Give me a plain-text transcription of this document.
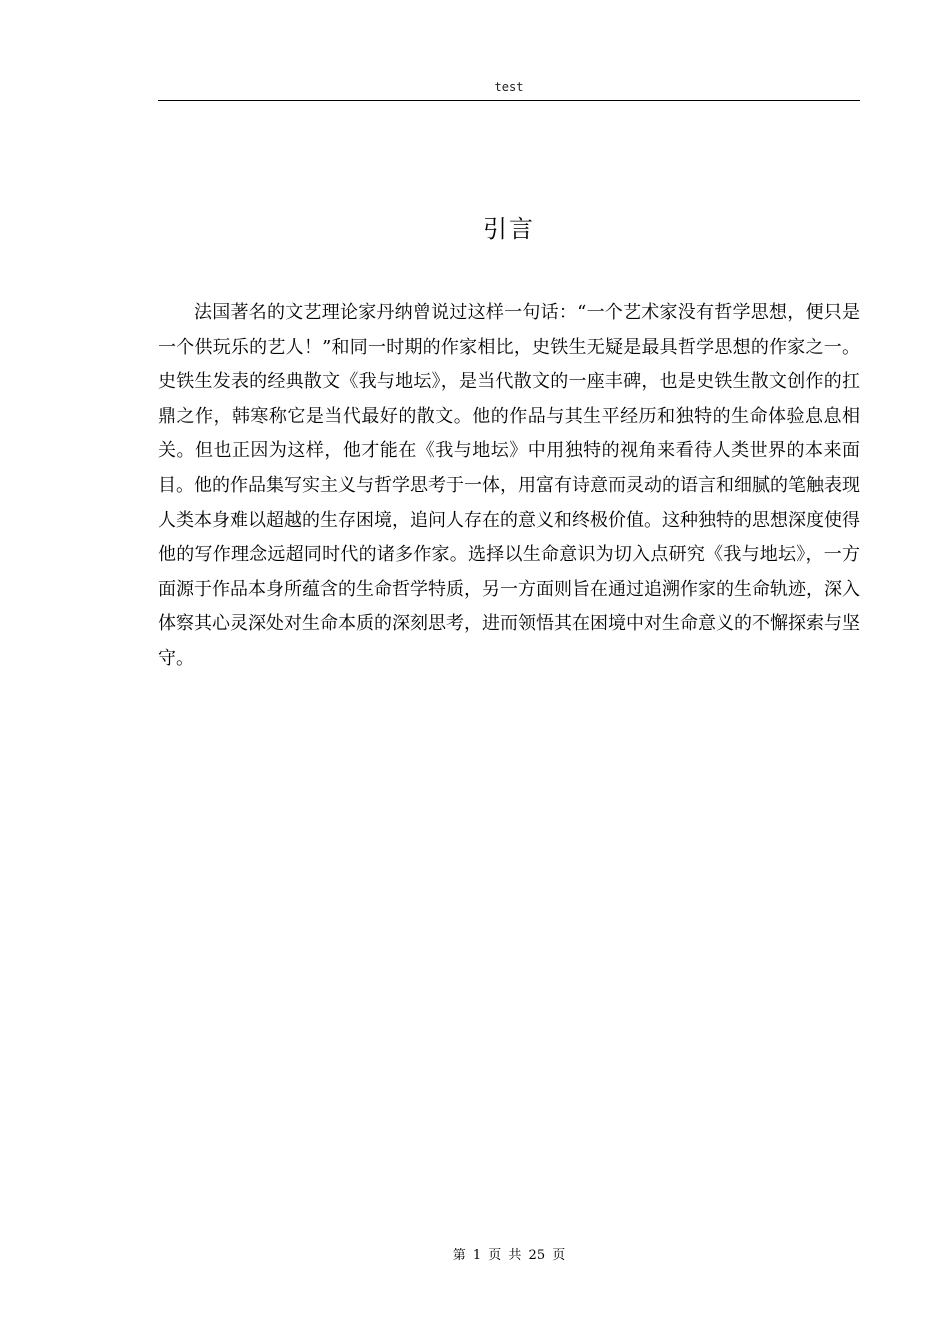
test
引言

法国著名的文艺理论家丹纳曾说过这样一句话：“一个艺术家没有哲学思想，便只是一个供玩乐的艺人！”和同一时期的作家相比，史铁生无疑是最具哲学思想的作家之一。史铁生发表的经典散文《我与地坛》，是当代散文的一座丰碑，也是史铁生散文创作的扛鼎之作，韩寒称它是当代最好的散文。他的作品与其生平经历和独特的生命体验息息相关。但也正因为这样，他才能在《我与地坛》中用独特的视角来看待人类世界的本来面目。他的作品集写实主义与哲学思考于一体，用富有诗意而灵动的语言和细腻的笔触表现人类本身难以超越的生存困境，追问人存在的意义和终极价值。这种独特的思想深度使得他的写作理念远超同时代的诸多作家。选择以生命意识为切入点研究《我与地坛》，一方面源于作品本身所蕴含的生命哲学特质，另一方面则旨在通过追溯作家的生命轨迹，深入体察其心灵深处对生命本质的深刻思考，进而领悟其在困境中对生命意义的不懈探索与坚守。

第 1 页 共 25 页
